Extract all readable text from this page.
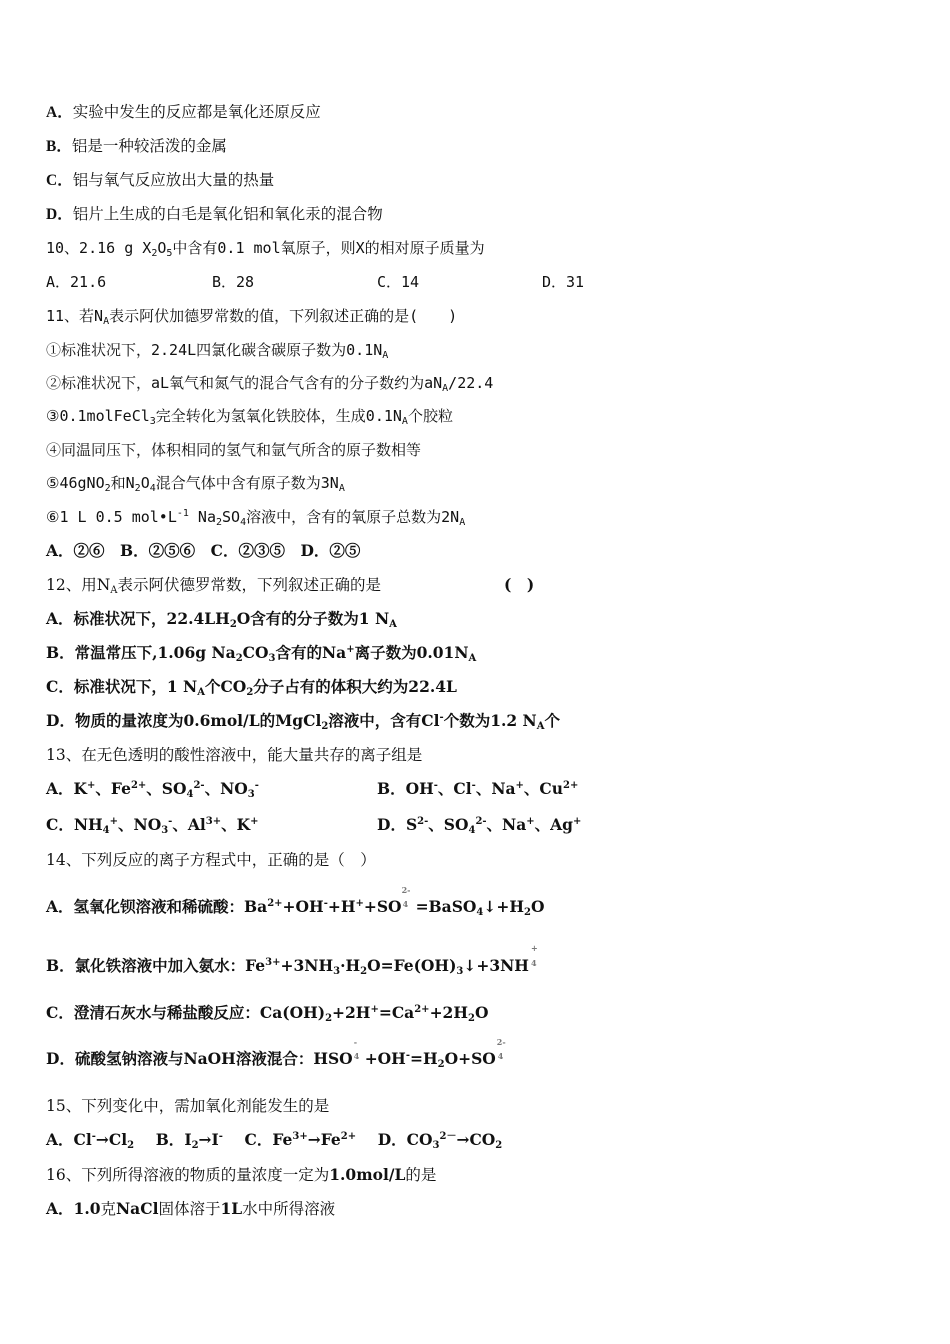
A．实验中发生的反应都是氧化还原反应
B．铝是一种较活泼的金属
C．铝与氧气反应放出大量的热量
D．铝片上生成的白毛是氧化铝和氧化汞的混合物
10、2.16 g $X_2O_5$中含有0.1 mol氧原子，则X的相对原子质量为
A．21.6	B．28	C．14	D．31
11、若$N_A$表示阿伏加德罗常数的值，下列叙述正确的是(　　)
①标准状况下，2.24L四氯化碳含碳原子数为$0.1N_A$
②标准状况下，aL氧气和氮气的混合气含有的分子数约为$aN_A/22.4$
③0.1molFeCl$_3$完全转化为氢氧化铁胶体，生成$0.1N_A$个胶粒
④同温同压下，体积相同的氢气和氩气所含的原子数相等
⑤46gNO$_2$和$N_2O_4$混合气体中含有原子数为$3N_A$
⑥1 L 0.5 $mol•L^{-1}$ $Na_2SO_4$溶液中，含有的氧原子总数为$2N_A$
A．②⑥　B．②⑤⑥　C．②③⑤　D．②⑤
12、用$N_A$表示阿伏德罗常数，下列叙述正确的是	(　)
A．标准状况下，$22.4LH_2O$含有的分子数为1 $N_A$
B．常温常压下,1.06g $Na_2CO_3$含有的Na+离子数为$0.01N_A$
C．标准状况下，1 $N_A$个$CO_2$分子占有的体积大约为22.4L
D．物质的量浓度为0.6mol/L的MgCl$_2$溶液中，含有Cl-个数为1.2 $N_A$个
13、在无色透明的酸性溶液中，能大量共存的离子组是
A．K+、$Fe^{2+}$、$SO_4^{2-}$、$NO_3^-$	B．OH-、Cl-、Na+、$Cu^{2+}$
C．$NH_4^+$、$NO_3^-$、$Al^{3+}$、K+	D．$S^{2-}$、$SO_4^{2-}$、Na+、Ag+
14、下列反应的离子方程式中，正确的是（　）
A．氢氧化钡溶液和稀硫酸：$Ba^{2+}+OH^-+H^++SO$
2-
$4 =BaSO_4↓+H_2O$
B．氯化铁溶液中加入氨水：$Fe^{3+}+3NH_3\cdot H_2O=Fe(OH)_3↓+3NH$
+
4
C．澄清石灰水与稀盐酸反应：$Ca(OH)_2+2H^+=Ca^{2+}+2H_2O$
D．硫酸氢钠溶液与NaOH溶液混合：HSO
-
$4 +OH^-=H_2O+SO$
2-
4
15、下列变化中，需加氧化剂能发生的是
A．$Cl^-\to Cl_2$ B．$I_2\to I^-$ C．$Fe^{3+}\to Fe^{2+}$ D．$CO_3^{2-}\to CO_2$
16、下列所得溶液的物质的量浓度一定为1.0mol/L的是
A．1.0克NaCl固体溶于1L水中所得溶液
